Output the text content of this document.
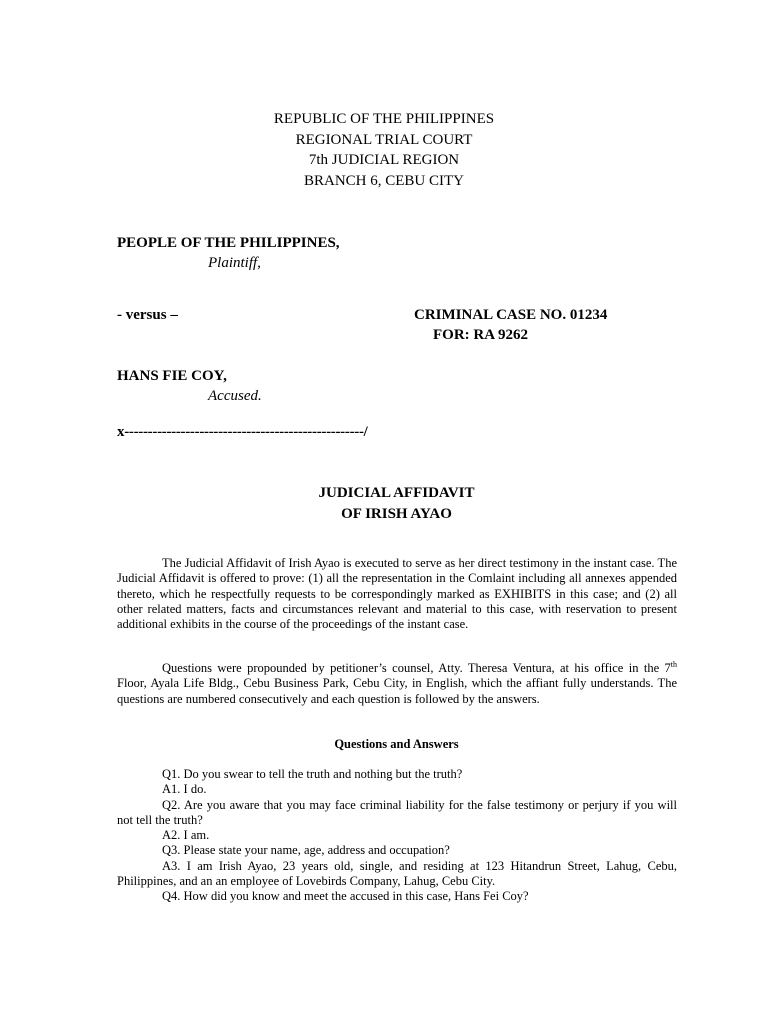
REPUBLIC OF THE PHILIPPINES
REGIONAL TRIAL COURT
7th JUDICIAL REGION
BRANCH 6, CEBU CITY
PEOPLE OF THE PHILIPPINES,
Plaintiff,
- versus –	CRIMINAL CASE NO. 01234
FOR: RA 9262
HANS FIE COY,
Accused.
x---------------------------------------------------/
JUDICIAL AFFIDAVIT
OF IRISH AYAO

The Judicial Affidavit of Irish Ayao is executed to serve as her direct testimony in the instant case. The Judicial Affidavit is offered to prove: (1) all the representation in the Comlaint including all annexes appended thereto, which he respectfully requests to be correspondingly marked as EXHIBITS in this case; and (2) all other related matters, facts and circumstances relevant and material to this case, with reservation to present additional exhibits in the course of the proceedings of the instant case.

Questions were propounded by petitioner’s counsel, Atty. Theresa Ventura, at his office in the 7th Floor, Ayala Life Bldg., Cebu Business Park, Cebu City, in English, which the affiant fully understands. The questions are numbered consecutively and each question is followed by the answers.

Questions and Answers

Q1. Do you swear to tell the truth and nothing but the truth?

A1. I do.

Q2. Are you aware that you may face criminal liability for the false testimony or perjury if you will not tell the truth?

A2. I am.

Q3. Please state your name, age, address and occupation?

A3. I am Irish Ayao, 23 years old, single, and residing at 123 Hitandrun Street, Lahug, Cebu, Philippines, and an an employee of Lovebirds Company, Lahug, Cebu City.

Q4. How did you know and meet the accused in this case, Hans Fei Coy?
